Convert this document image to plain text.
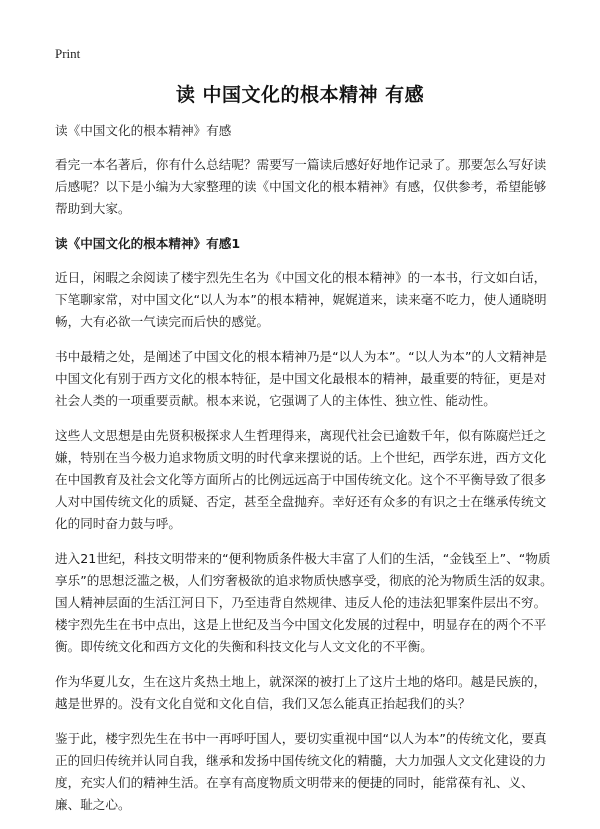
Print
读 中国文化的根本精神 有感

读《中国文化的根本精神》有感

看完一本名著后，你有什么总结呢？需要写一篇读后感好好地作记录了。那要怎么写好读后感呢？以下是小编为大家整理的读《中国文化的根本精神》有感，仅供参考，希望能够帮助到大家。

读《中国文化的根本精神》有感1

近日，闲暇之余阅读了楼宇烈先生名为《中国文化的根本精神》的一本书，行文如白话，下笔聊家常，对中国文化“以人为本”的根本精神，娓娓道来，读来毫不吃力，使人通晓明畅，大有必欲一气读完而后快的感觉。

书中最精之处，是阐述了中国文化的根本精神乃是“以人为本”。“以人为本”的人文精神是中国文化有别于西方文化的根本特征，是中国文化最根本的精神，最重要的特征，更是对社会人类的一项重要贡献。根本来说，它强调了人的主体性、独立性、能动性。

这些人文思想是由先贤积极探求人生哲理得来，离现代社会已逾数千年，似有陈腐烂迁之嫌，特别在当今极力追求物质文明的时代拿来摆说的话。上个世纪，西学东进，西方文化在中国教育及社会文化等方面所占的比例远远高于中国传统文化。这个不平衡导致了很多人对中国传统文化的质疑、否定，甚至全盘抛弃。幸好还有众多的有识之士在继承传统文化的同时奋力鼓与呼。

进入21世纪，科技文明带来的“便利物质条件极大丰富了人们的生活，“金钱至上”、“物质享乐”的思想泛滥之极，人们穷奢极欲的追求物质快感享受，彻底的沦为物质生活的奴隶。国人精神层面的生活江河日下，乃至违背自然规律、违反人伦的违法犯罪案件层出不穷。楼宇烈先生在书中点出，这是上世纪及当今中国文化发展的过程中，明显存在的两个不平衡。即传统文化和西方文化的失衡和科技文化与人文文化的不平衡。

作为华夏儿女，生在这片炙热土地上，就深深的被打上了这片土地的烙印。越是民族的，越是世界的。没有文化自觉和文化自信，我们又怎么能真正抬起我们的头？

鉴于此，楼宇烈先生在书中一再呼吁国人，要切实重视中国“以人为本”的传统文化，要真正的回归传统并认同自我，继承和发扬中国传统文化的精髓，大力加强人文文化建设的力度，充实人们的精神生活。在享有高度物质文明带来的便捷的同时，能常葆有礼、义、廉、耻之心。
